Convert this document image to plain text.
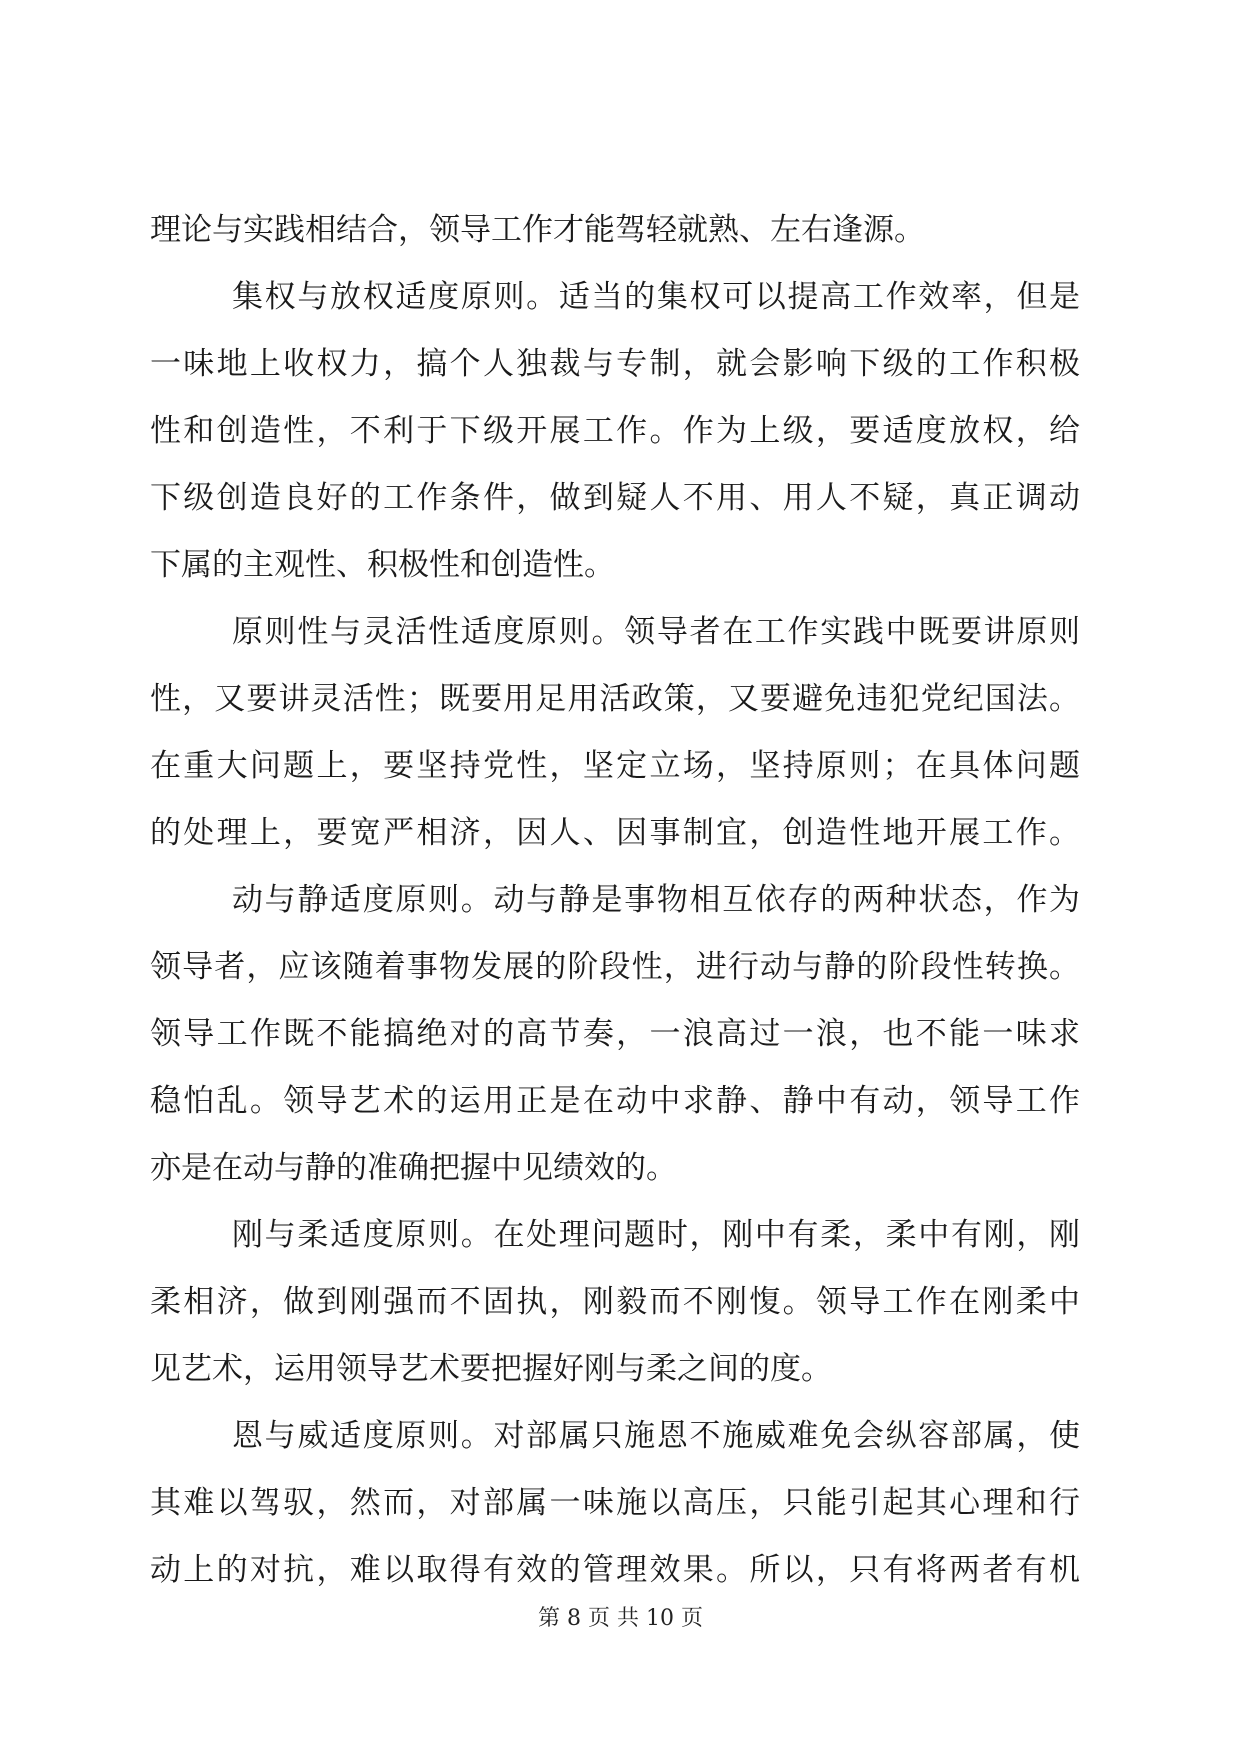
理论与实践相结合，领导工作才能驾轻就熟、左右逢源。
集权与放权适度原则。适当的集权可以提高工作效率，但是
一味地上收权力，搞个人独裁与专制，就会影响下级的工作积极
性和创造性，不利于下级开展工作。作为上级，要适度放权，给
下级创造良好的工作条件，做到疑人不用、用人不疑，真正调动
下属的主观性、积极性和创造性。
原则性与灵活性适度原则。领导者在工作实践中既要讲原则
性，又要讲灵活性；既要用足用活政策，又要避免违犯党纪国法。
在重大问题上，要坚持党性，坚定立场，坚持原则；在具体问题
的处理上，要宽严相济，因人、因事制宜，创造性地开展工作。
动与静适度原则。动与静是事物相互依存的两种状态，作为
领导者，应该随着事物发展的阶段性，进行动与静的阶段性转换。
领导工作既不能搞绝对的高节奏，一浪高过一浪，也不能一味求
稳怕乱。领导艺术的运用正是在动中求静、静中有动，领导工作
亦是在动与静的准确把握中见绩效的。
刚与柔适度原则。在处理问题时，刚中有柔，柔中有刚，刚
柔相济，做到刚强而不固执，刚毅而不刚愎。领导工作在刚柔中
见艺术，运用领导艺术要把握好刚与柔之间的度。
恩与威适度原则。对部属只施恩不施威难免会纵容部属，使
其难以驾驭，然而，对部属一味施以高压，只能引起其心理和行
动上的对抗，难以取得有效的管理效果。所以，只有将两者有机
第 8 页 共 10 页
